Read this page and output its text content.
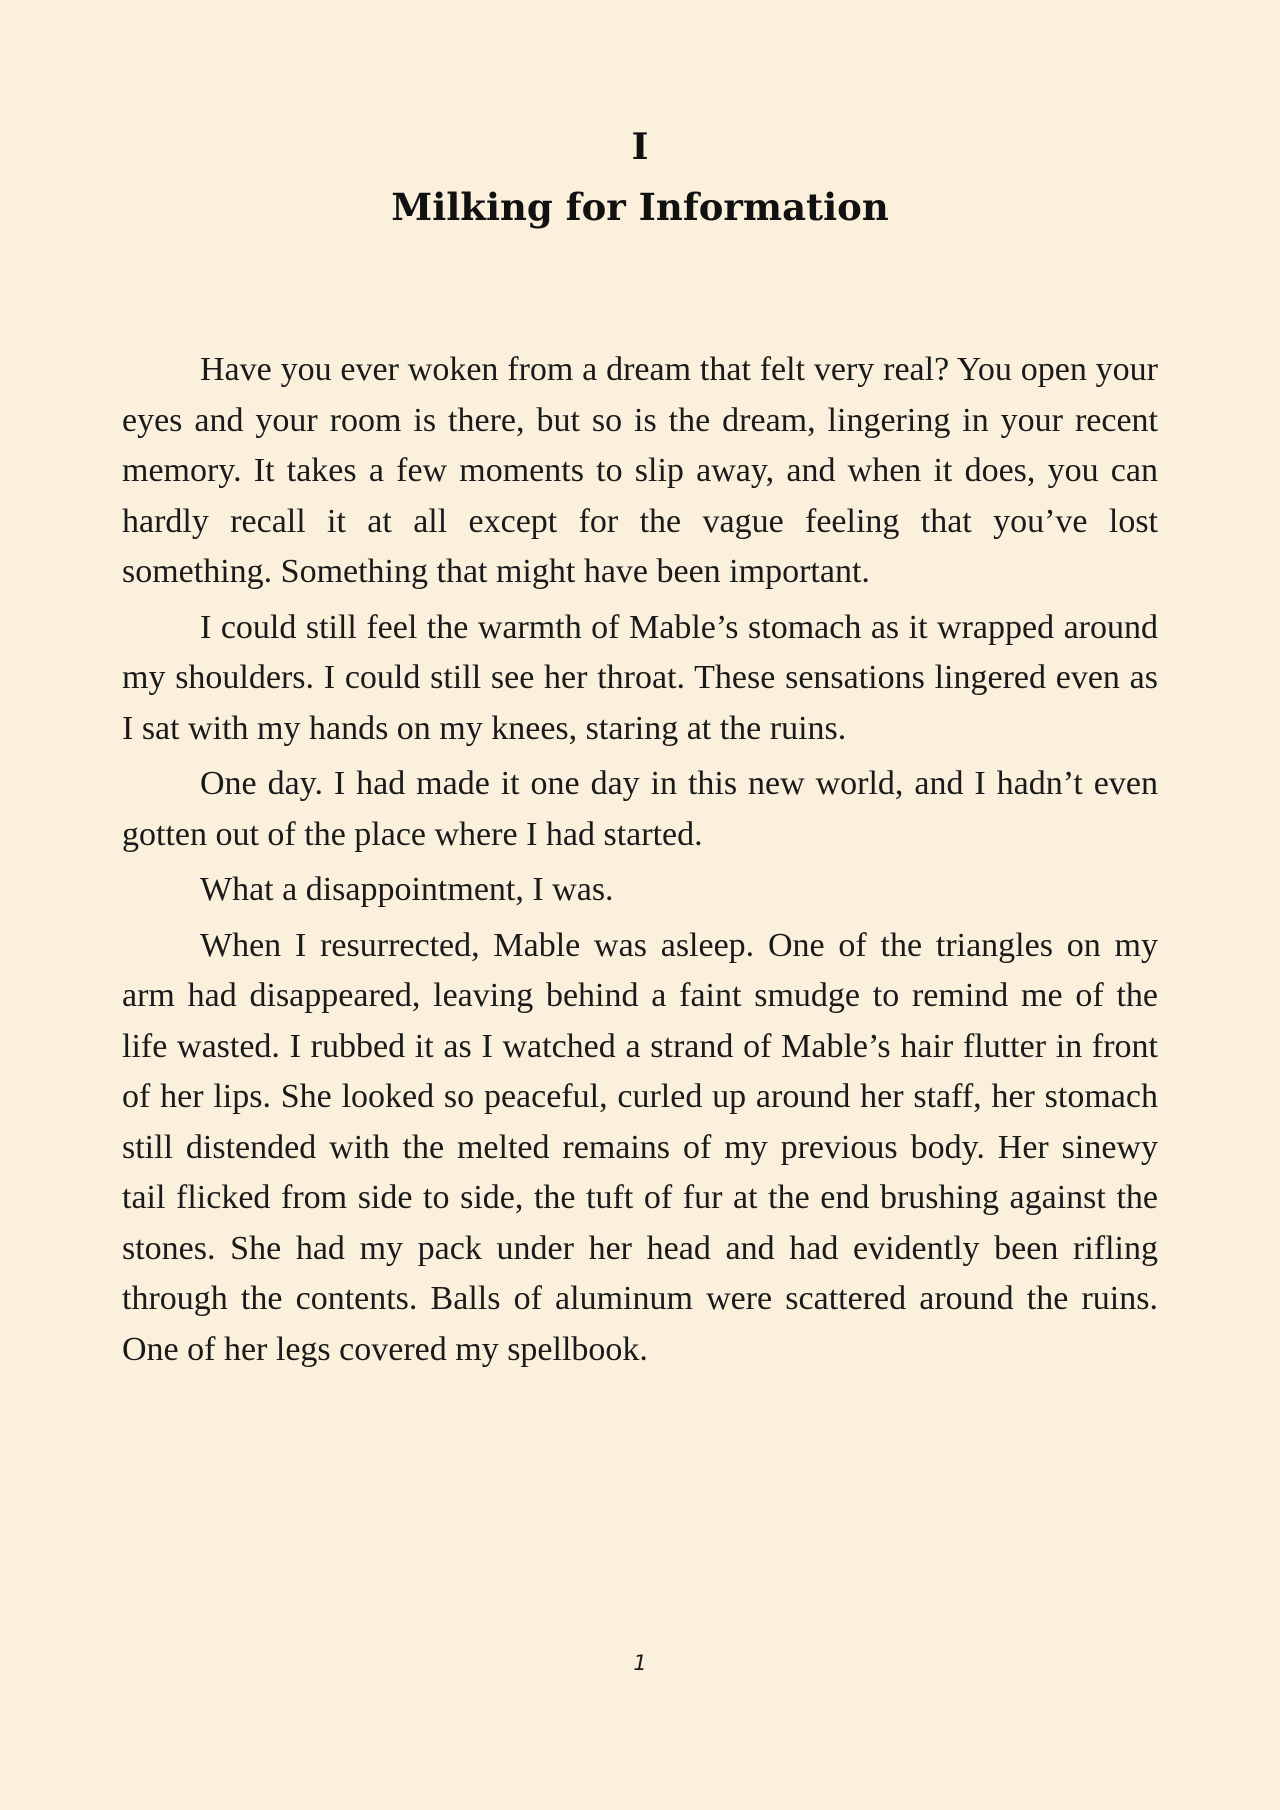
I
Milking for Information

Have you ever woken from a dream that felt very real? You open your eyes and your room is there, but so is the dream, lingering in your recent memory. It takes a few moments to slip away, and when it does, you can hardly recall it at all except for the vague feeling that you’ve lost something. Something that might have been important.

I could still feel the warmth of Mable’s stomach as it wrapped around my shoulders. I could still see her throat. These sensations lingered even as I sat with my hands on my knees, staring at the ruins.

One day. I had made it one day in this new world, and I hadn’t even gotten out of the place where I had started.

What a disappointment, I was.

When I resurrected, Mable was asleep. One of the triangles on my arm had disappeared, leaving behind a faint smudge to remind me of the life wasted. I rubbed it as I watched a strand of Mable’s hair flutter in front of her lips. She looked so peaceful, curled up around her staff, her stomach still distended with the melted remains of my previous body. Her sinewy tail flicked from side to side, the tuft of fur at the end brushing against the stones. She had my pack under her head and had evidently been rifling through the contents. Balls of aluminum were scattered around the ruins. One of her legs covered my spellbook.

1
